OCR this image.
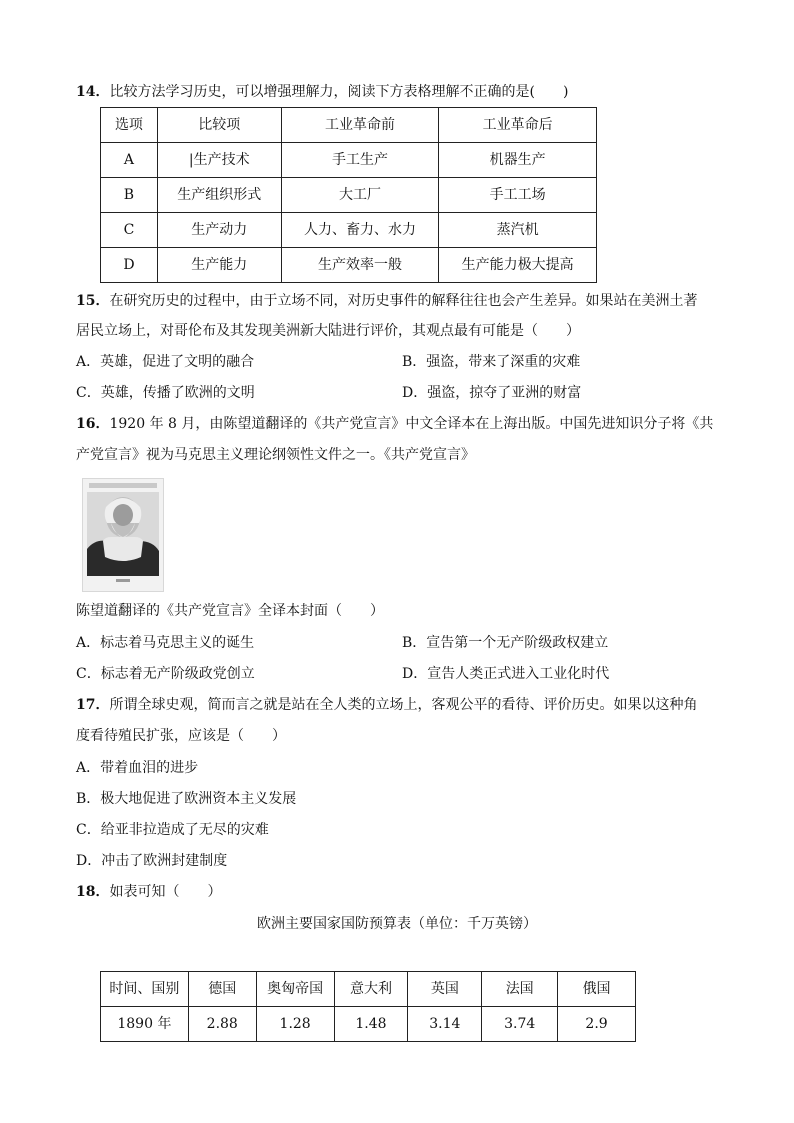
14．比较方法学习历史，可以增强理解力，阅读下方表格理解不正确的是(　　)
选项	比较项	工业革命前	工业革命后
A	|生产技术	手工生产	机器生产
B	生产组织形式	大工厂	手工工场
C	生产动力	人力、畜力、水力	蒸汽机
D	生产能力	生产效率一般	生产能力极大提高
15．在研究历史的过程中，由于立场不同，对历史事件的解释往往也会产生差异。如果站在美洲土著
居民立场上，对哥伦布及其发现美洲新大陆进行评价，其观点最有可能是（　　）
A．英雄，促进了文明的融合	B．强盗，带来了深重的灾难
C．英雄，传播了欧洲的文明	D．强盗，掠夺了亚洲的财富
16．1920 年 8 月，由陈望道翻译的《共产党宣言》中文全译本在上海出版。中国先进知识分子将《共
产党宣言》视为马克思主义理论纲领性文件之一。《共产党宣言》
陈望道翻译的《共产党宣言》全译本封面（　　）
A．标志着马克思主义的诞生	B．宣告第一个无产阶级政权建立
C．标志着无产阶级政党创立	D．宣告人类正式进入工业化时代
17．所谓全球史观，简而言之就是站在全人类的立场上，客观公平的看待、评价历史。如果以这种角
度看待殖民扩张，应该是（　　）
A．带着血泪的进步
B．极大地促进了欧洲资本主义发展
C．给亚非拉造成了无尽的灾难
D．冲击了欧洲封建制度
18．如表可知（　　）
欧洲主要国家国防预算表（单位：千万英镑）
时间、国别	德国	奥匈帝国	意大利	英国	法国	俄国
1890 年	2.88	1.28	1.48	3.14	3.74	2.9
